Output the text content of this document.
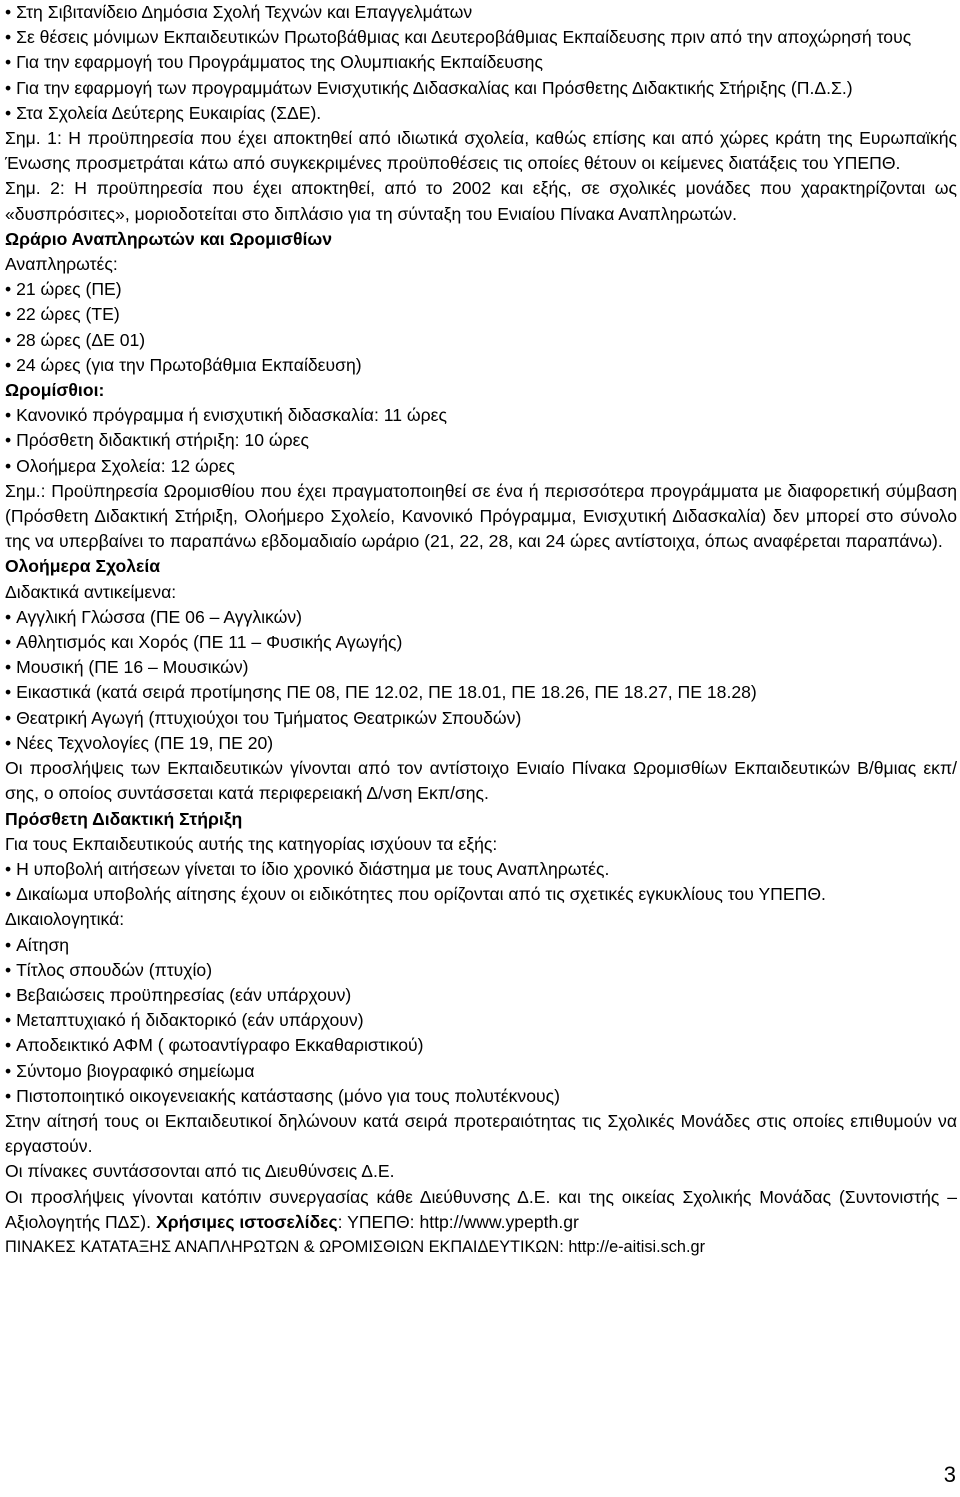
• Στη Σιβιτανίδειο Δημόσια Σχολή Τεχνών και Επαγγελμάτων

• Σε θέσεις μόνιμων Εκπαιδευτικών Πρωτοβάθμιας και Δευτεροβάθμιας Εκπαίδευσης πριν από την αποχώρησή τους

• Για την εφαρμογή του Προγράμματος της Ολυμπιακής Εκπαίδευσης

• Για την εφαρμογή των προγραμμάτων Ενισχυτικής Διδασκαλίας και Πρόσθετης Διδακτικής Στήριξης (Π.Δ.Σ.)

• Στα Σχολεία Δεύτερης Ευκαιρίας (ΣΔΕ).

Σημ. 1: Η προϋπηρεσία που έχει αποκτηθεί από ιδιωτικά σχολεία, καθώς επίσης και από χώρες κράτη της Ευρωπαϊκής Ένωσης προσμετράται κάτω από συγκεκριμένες προϋποθέσεις τις οποίες θέτουν οι κείμενες διατάξεις του ΥΠΕΠΘ.

Σημ. 2: Η προϋπηρεσία που έχει αποκτηθεί, από το 2002 και εξής, σε σχολικές μονάδες που χαρακτηρίζονται ως «δυσπρόσιτες», μοριοδοτείται στο διπλάσιο για τη σύνταξη του Ενιαίου Πίνακα Αναπληρωτών.

Ωράριο Αναπληρωτών και Ωρομισθίων

Αναπληρωτές:

• 21 ώρες (ΠΕ)

• 22 ώρες (ΤΕ)

• 28 ώρες (ΔΕ 01)

• 24 ώρες (για την Πρωτοβάθμια Εκπαίδευση)

Ωρομίσθιοι:

• Κανονικό πρόγραμμα ή ενισχυτική διδασκαλία: 11 ώρες

• Πρόσθετη διδακτική στήριξη: 10 ώρες

• Ολοήμερα Σχολεία: 12 ώρες

Σημ.: Προϋπηρεσία Ωρομισθίου που έχει πραγματοποιηθεί σε ένα ή περισσότερα προγράμματα με διαφορετική σύμβαση (Πρόσθετη Διδακτική Στήριξη, Ολοήμερο Σχολείο, Κανονικό Πρόγραμμα, Ενισχυτική Διδασκαλία) δεν μπορεί στο σύνολο της να υπερβαίνει το παραπάνω εβδομαδιαίο ωράριο (21, 22, 28, και 24 ώρες αντίστοιχα, όπως αναφέρεται παραπάνω).

Ολοήμερα Σχολεία

Διδακτικά αντικείμενα:

• Αγγλική Γλώσσα (ΠΕ 06 – Αγγλικών)

• Αθλητισμός και Χορός (ΠΕ 11 – Φυσικής Αγωγής)

• Μουσική (ΠΕ 16 – Μουσικών)

• Εικαστικά (κατά σειρά προτίμησης ΠΕ 08, ΠΕ 12.02, ΠΕ 18.01, ΠΕ 18.26, ΠΕ 18.27, ΠΕ 18.28)

• Θεατρική Αγωγή (πτυχιούχοι του Τμήματος Θεατρικών Σπουδών)

• Νέες Τεχνολογίες (ΠΕ 19, ΠΕ 20)

Οι προσλήψεις των Εκπαιδευτικών γίνονται από τον αντίστοιχο Ενιαίο Πίνακα Ωρομισθίων Εκπαιδευτικών Β/θμιας εκπ/σης, ο οποίος συντάσσεται κατά περιφερειακή Δ/νση Εκπ/σης.

Πρόσθετη Διδακτική Στήριξη

Για τους Εκπαιδευτικούς αυτής της κατηγορίας ισχύουν τα εξής:

• Η υποβολή αιτήσεων γίνεται το ίδιο χρονικό διάστημα με τους Αναπληρωτές.

• Δικαίωμα υποβολής αίτησης έχουν οι ειδικότητες που ορίζονται από τις σχετικές εγκυκλίους του ΥΠΕΠΘ.

Δικαιολογητικά:

• Αίτηση

• Τίτλος σπουδών (πτυχίο)

• Βεβαιώσεις προϋπηρεσίας (εάν υπάρχουν)

• Μεταπτυχιακό ή διδακτορικό (εάν υπάρχουν)

• Αποδεικτικό ΑΦΜ ( φωτοαντίγραφο Εκκαθαριστικού)

• Σύντομο βιογραφικό σημείωμα

• Πιστοποιητικό οικογενειακής κατάστασης (μόνο για τους πολυτέκνους)

Στην αίτησή τους οι Εκπαιδευτικοί δηλώνουν κατά σειρά προτεραιότητας τις Σχολικές Μονάδες στις οποίες επιθυμούν να εργαστούν.

Οι πίνακες συντάσσονται από τις Διευθύνσεις Δ.Ε.

Οι προσλήψεις γίνονται κατόπιν συνεργασίας κάθε Διεύθυνσης Δ.Ε. και της οικείας Σχολικής Μονάδας (Συντονιστής – Αξιολογητής ΠΔΣ). Χρήσιμες ιστοσελίδες: ΥΠΕΠΘ: http://www.ypepth.gr

ΠΙΝΑΚΕΣ ΚΑΤΑΤΑΞΗΣ ΑΝΑΠΛΗΡΩΤΩΝ & ΩΡΟΜΙΣΘΙΩΝ ΕΚΠΑΙΔΕΥΤΙΚΩΝ: http://e-aitisi.sch.gr

3
